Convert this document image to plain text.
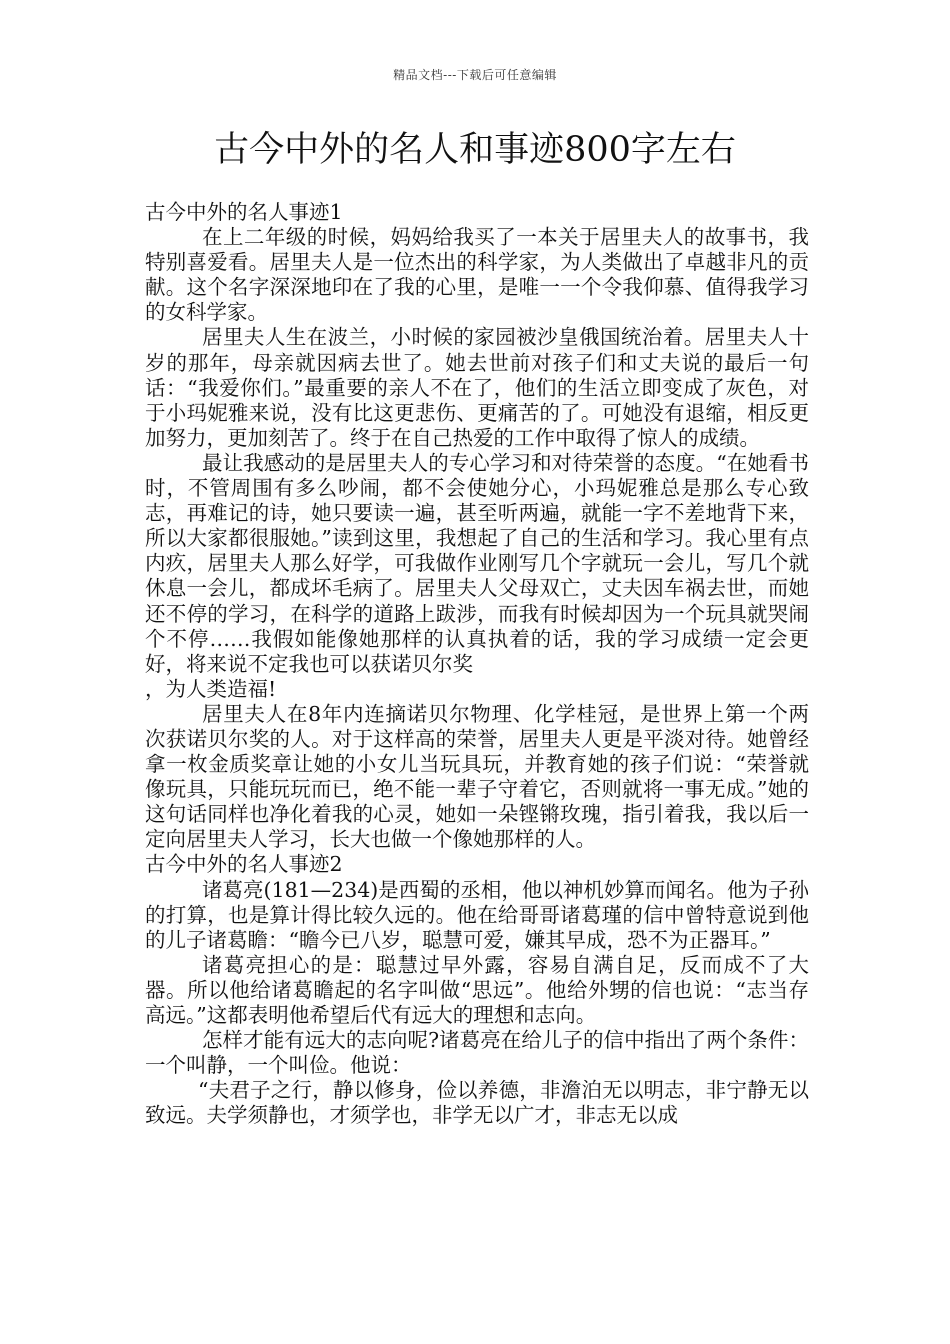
精品文档---下载后可任意编辑
古今中外的名人和事迹800字左右

古今中外的名人事迹1

在上二年级的时候，妈妈给我买了一本关于居里夫人的故事书，我特别喜爱看。居里夫人是一位杰出的科学家，为人类做出了卓越非凡的贡献。这个名字深深地印在了我的心里，是唯一一个令我仰慕、值得我学习的女科学家。

居里夫人生在波兰，小时候的家园被沙皇俄国统治着。居里夫人十岁的那年，母亲就因病去世了。她去世前对孩子们和丈夫说的最后一句话：“我爱你们。”最重要的亲人不在了，他们的生活立即变成了灰色，对于小玛妮雅来说，没有比这更悲伤、更痛苦的了。可她没有退缩，相反更加努力，更加刻苦了。终于在自己热爱的工作中取得了惊人的成绩。

最让我感动的是居里夫人的专心学习和对待荣誉的态度。“在她看书时，不管周围有多么吵闹，都不会使她分心，小玛妮雅总是那么专心致志，再难记的诗，她只要读一遍，甚至听两遍，就能一字不差地背下来，所以大家都很服她。”读到这里，我想起了自己的生活和学习。我心里有点内疚，居里夫人那么好学，可我做作业刚写几个字就玩一会儿，写几个就休息一会儿，都成坏毛病了。居里夫人父母双亡，丈夫因车祸去世，而她还不停的学习，在科学的道路上跋涉，而我有时候却因为一个玩具就哭闹个不停……我假如能像她那样的认真执着的话，我的学习成绩一定会更好，将来说不定我也可以获诺贝尔奖

，为人类造福!

居里夫人在8年内连摘诺贝尔物理、化学桂冠，是世界上第一个两次获诺贝尔奖的人。对于这样高的荣誉，居里夫人更是平淡对待。她曾经拿一枚金质奖章让她的小女儿当玩具玩，并教育她的孩子们说：“荣誉就像玩具，只能玩玩而已，绝不能一辈子守着它，否则就将一事无成。”她的这句话同样也净化着我的心灵，她如一朵铿锵玫瑰，指引着我，我以后一定向居里夫人学习，长大也做一个像她那样的人。

古今中外的名人事迹2

诸葛亮(181—234)是西蜀的丞相，他以神机妙算而闻名。他为子孙的打算，也是算计得比较久远的。他在给哥哥诸葛瑾的信中曾特意说到他的儿子诸葛瞻：“瞻今已八岁，聪慧可爱，嫌其早成，恐不为正器耳。”

诸葛亮担心的是：聪慧过早外露，容易自满自足，反而成不了大器。所以他给诸葛瞻起的名字叫做“思远”。他给外甥的信也说：“志当存高远。”这都表明他希望后代有远大的理想和志向。

怎样才能有远大的志向呢?诸葛亮在给儿子的信中指出了两个条件：一个叫静，一个叫俭。他说：

“夫君子之行，静以修身，俭以养德，非澹泊无以明志，非宁静无以致远。夫学须静也，才须学也，非学无以广才，非志无以成
